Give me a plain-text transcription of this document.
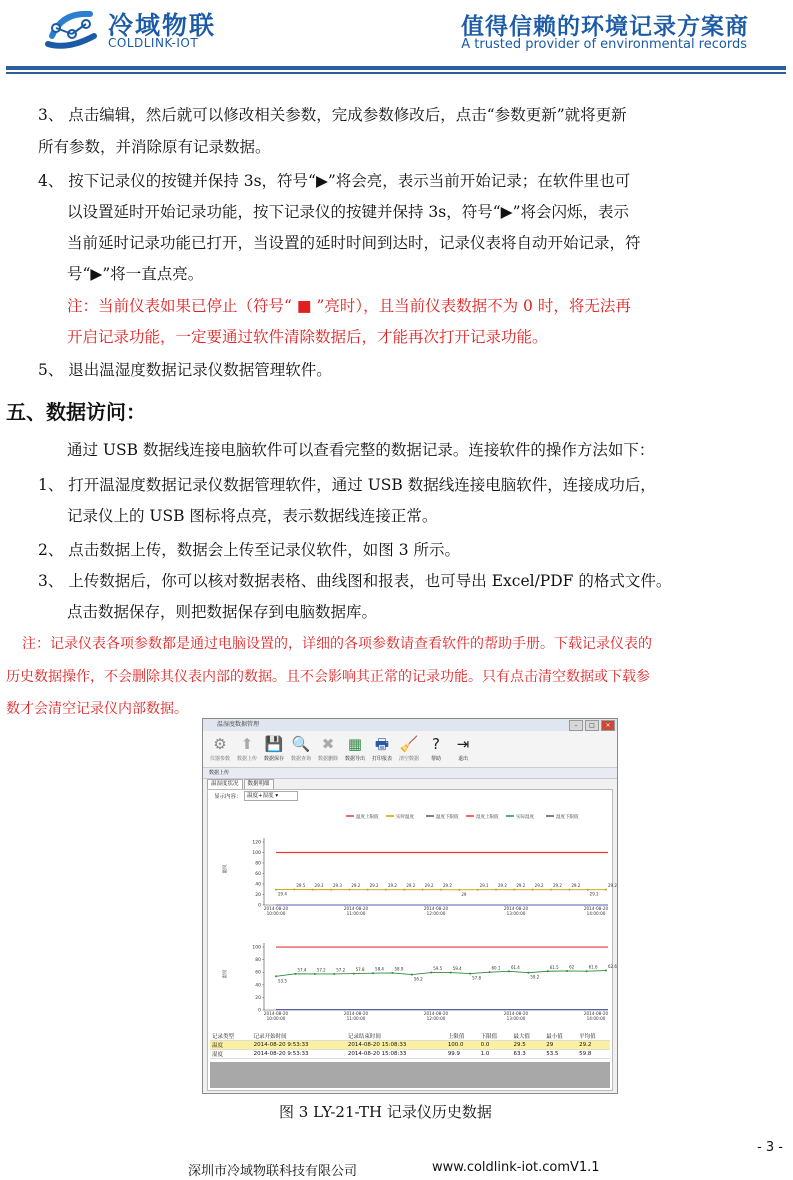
冷域物联
COLDLINK-IOT
值得信赖的环境记录方案商
A trusted provider of environmental records
3、 点击编辑，然后就可以修改相关参数，完成参数修改后，点击“参数更新”就将更新
所有参数，并消除原有记录数据。
4、 按下记录仪的按键并保持 3s，符号“▶”将会亮，表示当前开始记录；在软件里也可
以设置延时开始记录功能，按下记录仪的按键并保持 3s，符号“▶”将会闪烁，表示
当前延时记录功能已打开，当设置的延时时间到达时，记录仪表将自动开始记录，符
号“▶”将一直点亮。
注：当前仪表如果已停止（符号“ ■ ”亮时），且当前仪表数据不为 0 时，将无法再
开启记录功能，一定要通过软件清除数据后，才能再次打开记录功能。
5、 退出温湿度数据记录仪数据管理软件。
五、数据访问：
通过 USB 数据线连接电脑软件可以查看完整的数据记录。连接软件的操作方法如下：
1、 打开温湿度数据记录仪数据管理软件，通过 USB 数据线连接电脑软件，连接成功后，
记录仪上的 USB 图标将点亮，表示数据线连接正常。
2、 点击数据上传，数据会上传至记录仪软件，如图 3 所示。
3、 上传数据后，你可以核对数据表格、曲线图和报表，也可导出 Excel/PDF 的格式文件。
点击数据保存，则把数据保存到电脑数据库。
注：记录仪表各项参数都是通过电脑设置的，详细的各项参数请查看软件的帮助手册。下载记录仪表的
历史数据操作，不会删除其仪表内部的数据。且不会影响其正常的记录功能。只有点击清空数据或下载参
数才会清空记录仪内部数据。
温湿度数据管理	–	□	×
⚙
仪器参数
⬆
数据上传
💾
数据保存
🔍
数据查询
✖
数据删除
▦
数据导出
🖶
打印报表
🧹
清空数据
?
帮助
⇥
退出
数据上传
温湿度状况	数据明细
显示内容： 温度+湿度 ▾
温度上限值	实时温度	温度下限值	湿度上限值	实际湿度	湿度下限值
温度
0
20
40
60
80
100
120
2014-08-20
10:00:00
2014-08-20
11:00:00
2014-08-20
12:00:00
2014-08-20
13:00:00
2014-08-20
14:00:00
29.4
29.5 29.3 29.3 29.2 29.2 29.2 29.2 29.2 29.2
29
29.1 29.2 29.2 29.2 29.2 29.2
29.1
29.2
湿度
0
20
40
60
80
100
2014-08-20
10:00:00
2014-08-20
11:00:00
2014-08-20
12:00:00
2014-08-20
13:00:00
2014-08-20
14:00:00
53.5
57.4	57.2	57.2	57.8	58.4	58.9
56.2
59.5	59.4
57.8
60.1	61.4
59.2
61.5	62	61.6	62.6
记录类型	记录开始时间	记录结束时间	上限值	下限值	最大值	最小值	平均值
温度	2014-08-20 9:53:33	2014-08-20 15:08:33	100.0	0.0	29.5	29	29.2
湿度	2014-08-20 9:53:33	2014-08-20 15:08:33	99.9	1.0	63.3	53.5	59.8
图 3 LY-21-TH 记录仪历史数据
- 3 -
深圳市冷域物联科技有限公司	www.coldlink-iot.com V1.1
